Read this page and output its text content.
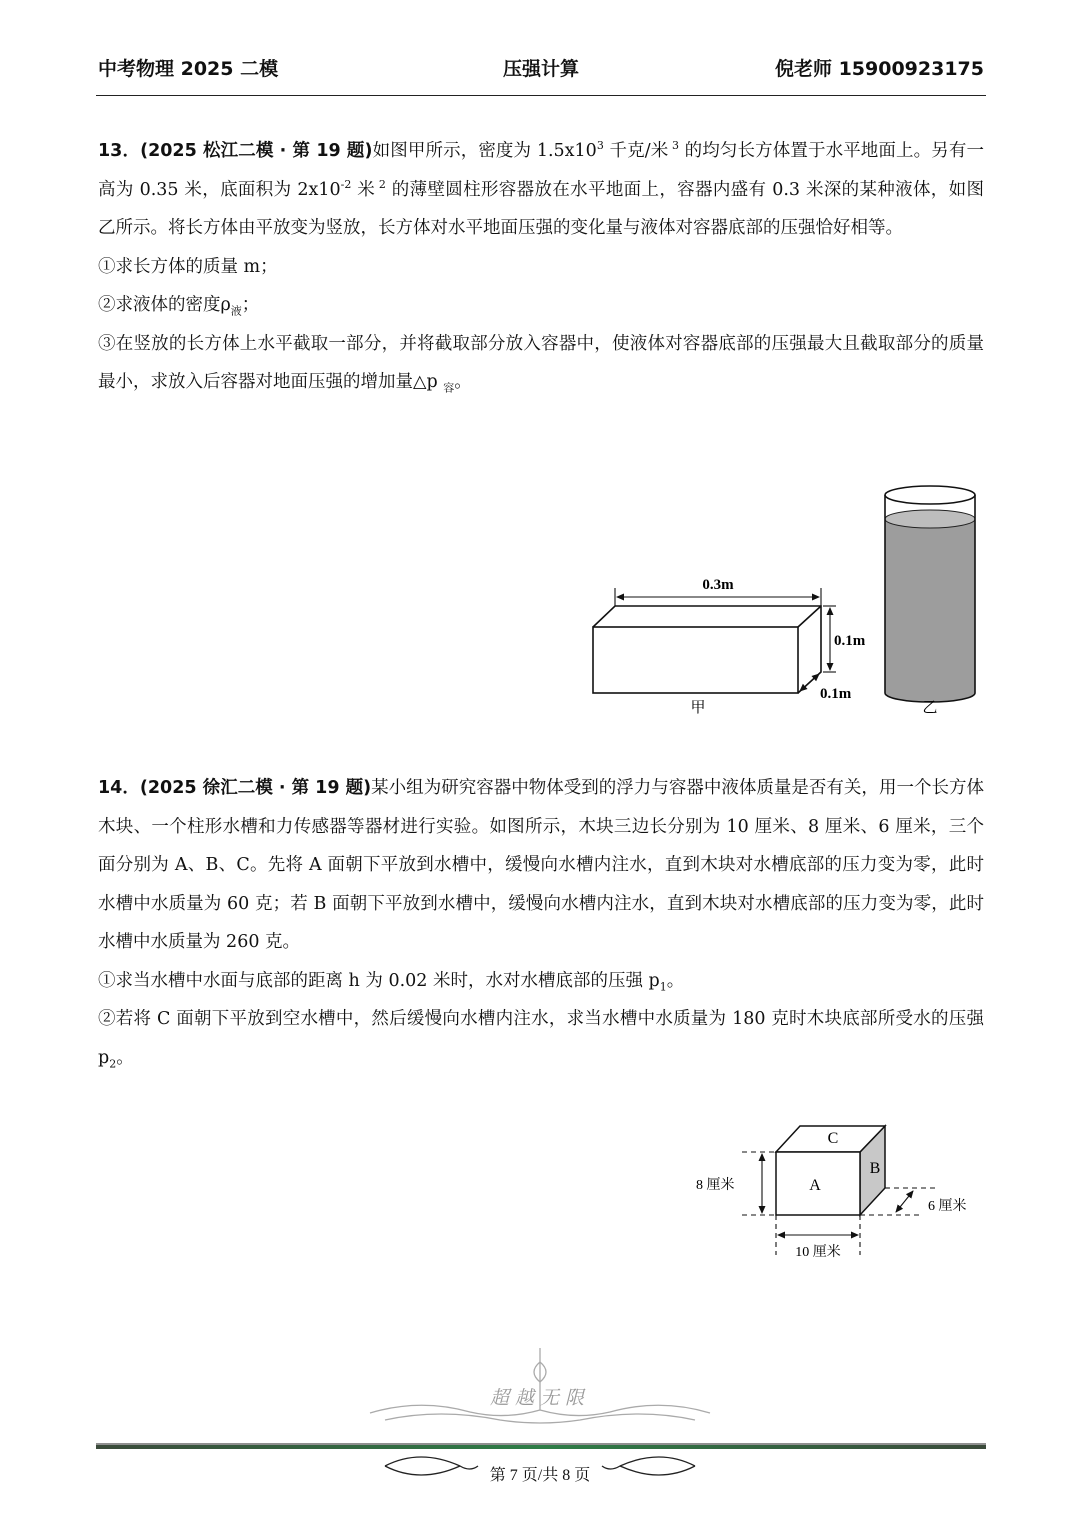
中考物理 2025 二模	压强计算	倪老师 15900923175

13．(2025 松江二模 · 第 19 题)如图甲所示，密度为 $1.5x10^3$ 千克/米 $^3$ 的均匀长方体置于水平地面上。另有一高为 0.35 米，底面积为 $2x10^{-2}$ 米 $^2$ 的薄壁圆柱形容器放在水平地面上，容器内盛有 0.3 米深的某种液体，如图乙所示。将长方体由平放变为竖放，长方体对水平地面压强的变化量与液体对容器底部的压强恰好相等。

①求长方体的质量 m；

②求液体的密度$\rho_液$；

③在竖放的长方体上水平截取一部分，并将截取部分放入容器中，使液体对容器底部的压强最大且截取部分的质量最小，求放入后容器对地面压强的增加量△p $_容$。

0.3m
0.1m
0.1m
甲	乙

14．(2025 徐汇二模 · 第 19 题)某小组为研究容器中物体受到的浮力与容器中液体质量是否有关，用一个长方体木块、一个柱形水槽和力传感器等器材进行实验。如图所示，木块三边长分别为 10 厘米、8 厘米、6 厘米，三个面分别为 A、B、C。先将 A 面朝下平放到水槽中，缓慢向水槽内注水，直到木块对水槽底部的压力变为零，此时水槽中水质量为 60 克；若 B 面朝下平放到水槽中，缓慢向水槽内注水，直到木块对水槽底部的压力变为零，此时水槽中水质量为 260 克。

①求当水槽中水面与底部的距离 h 为 0.02 米时，水对水槽底部的压强 $p_1$。

②若将 C 面朝下平放到空水槽中，然后缓慢向水槽内注水，求当水槽中水质量为 180 克时木块底部所受水的压强 $p_2$。

A
B
C
8 厘米
6 厘米
10 厘米
超越无限
第 7 页/共 8 页
